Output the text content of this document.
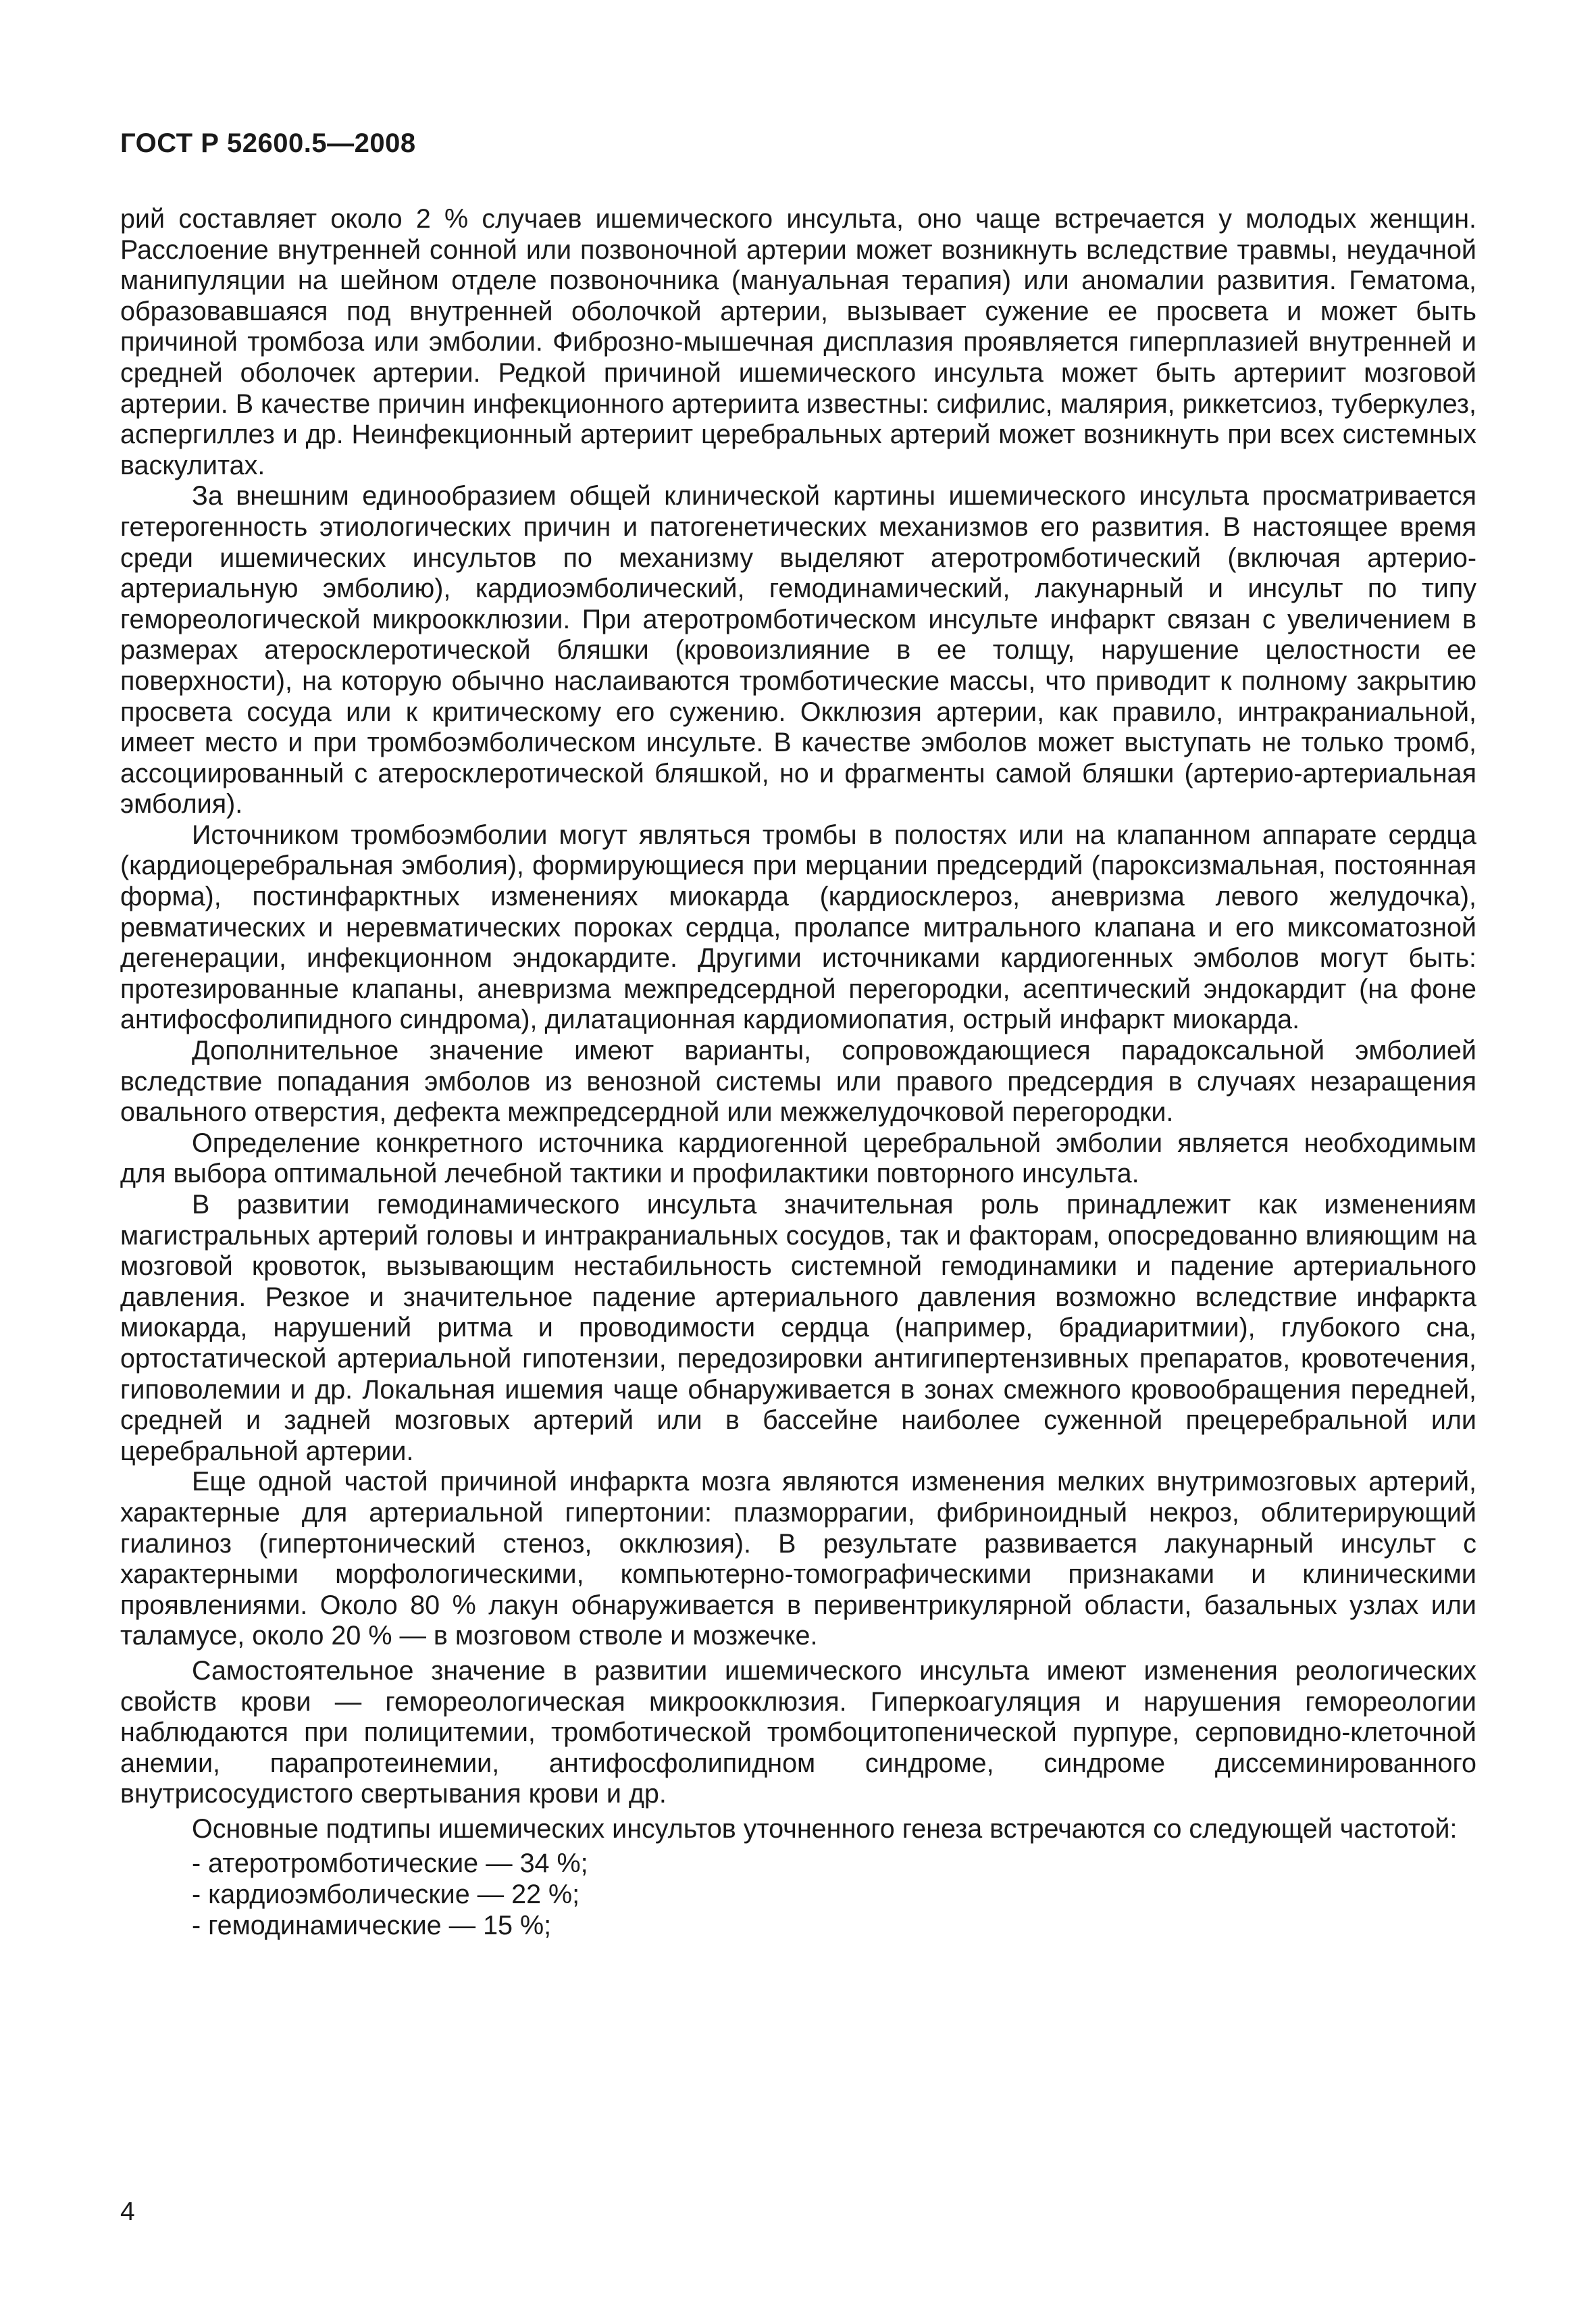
ГОСТ Р 52600.5—2008

рий составляет около 2 % случаев ишемического инсульта, оно чаще встречается у молодых женщин. Расслоение внутренней сонной или позвоночной артерии может возникнуть вследствие травмы, неудачной манипуляции на шейном отделе позвоночника (мануальная терапия) или аномалии развития. Гематома, образовавшаяся под внутренней оболочкой артерии, вызывает сужение ее просвета и может быть причиной тромбоза или эмболии. Фиброзно-мышечная дисплазия проявляется гиперплазией внутренней и средней оболочек артерии. Редкой причиной ишемического инсульта может быть артериит мозговой артерии. В качестве причин инфекционного артериита известны: сифилис, малярия, риккетсиоз, туберкулез, аспергиллез и др. Неинфекционный артериит церебральных артерий может возникнуть при всех системных васкулитах.

За внешним единообразием общей клинической картины ишемического инсульта просматривается гетерогенность этиологических причин и патогенетических механизмов его развития. В настоящее время среди ишемических инсультов по механизму выделяют атеротромботический (включая артерио-артериальную эмболию), кардиоэмболический, гемодинамический, лакунарный и инсульт по типу гемореологической микроокклюзии. При атеротромботическом инсульте инфаркт связан с увеличением в размерах атеросклеротической бляшки (кровоизлияние в ее толщу, нарушение целостности ее поверхности), на которую обычно наслаиваются тромботические массы, что приводит к полному закрытию просвета сосуда или к критическому его сужению. Окклюзия артерии, как правило, интракраниальной, имеет место и при тромбоэмболическом инсульте. В качестве эмболов может выступать не только тромб, ассоциированный с атеросклеротической бляшкой, но и фрагменты самой бляшки (артерио-артериальная эмболия).

Источником тромбоэмболии могут являться тромбы в полостях или на клапанном аппарате сердца (кардиоцеребральная эмболия), формирующиеся при мерцании предсердий (пароксизмальная, постоянная форма), постинфарктных изменениях миокарда (кардиосклероз, аневризма левого желудочка), ревматических и неревматических пороках сердца, пролапсе митрального клапана и его миксоматозной дегенерации, инфекционном эндокардите. Другими источниками кардиогенных эмболов могут быть: протезированные клапаны, аневризма межпредсердной перегородки, асептический эндокардит (на фоне антифосфолипидного синдрома), дилатационная кардиомиопатия, острый инфаркт миокарда.

Дополнительное значение имеют варианты, сопровождающиеся парадоксальной эмболией вследствие попадания эмболов из венозной системы или правого предсердия в случаях незаращения овального отверстия, дефекта межпредсердной или межжелудочковой перегородки.

Определение конкретного источника кардиогенной церебральной эмболии является необходимым для выбора оптимальной лечебной тактики и профилактики повторного инсульта.

В развитии гемодинамического инсульта значительная роль принадлежит как изменениям магистральных артерий головы и интракраниальных сосудов, так и факторам, опосредованно влияющим на мозговой кровоток, вызывающим нестабильность системной гемодинамики и падение артериального давления. Резкое и значительное падение артериального давления возможно вследствие инфаркта миокарда, нарушений ритма и проводимости сердца (например, брадиаритмии), глубокого сна, ортостатической артериальной гипотензии, передозировки антигипертензивных препаратов, кровотечения, гиповолемии и др. Локальная ишемия чаще обнаруживается в зонах смежного кровообращения передней, средней и задней мозговых артерий или в бассейне наиболее суженной прецеребральной или церебральной артерии.

Еще одной частой причиной инфаркта мозга являются изменения мелких внутримозговых артерий, характерные для артериальной гипертонии: плазморрагии, фибриноидный некроз, облитерирующий гиалиноз (гипертонический стеноз, окклюзия). В результате развивается лакунарный инсульт с характерными морфологическими, компьютерно-томографическими признаками и клиническими проявлениями. Около 80 % лакун обнаруживается в перивентрикулярной области, базальных узлах или таламусе, около 20 % — в мозговом стволе и мозжечке.

Самостоятельное значение в развитии ишемического инсульта имеют изменения реологических свойств крови — гемореологическая микроокклюзия. Гиперкоагуляция и нарушения гемореологии наблюдаются при полицитемии, тромботической тромбоцитопенической пурпуре, серповидно-клеточной анемии, парапротеинемии, антифосфолипидном синдроме, синдроме диссеминированного внутрисосудистого свертывания крови и др.

Основные подтипы ишемических инсультов уточненного генеза встречаются со следующей частотой:

- атеротромботические — 34 %;
- кардиоэмболические — 22 %;
- гемодинамические — 15 %;
4
